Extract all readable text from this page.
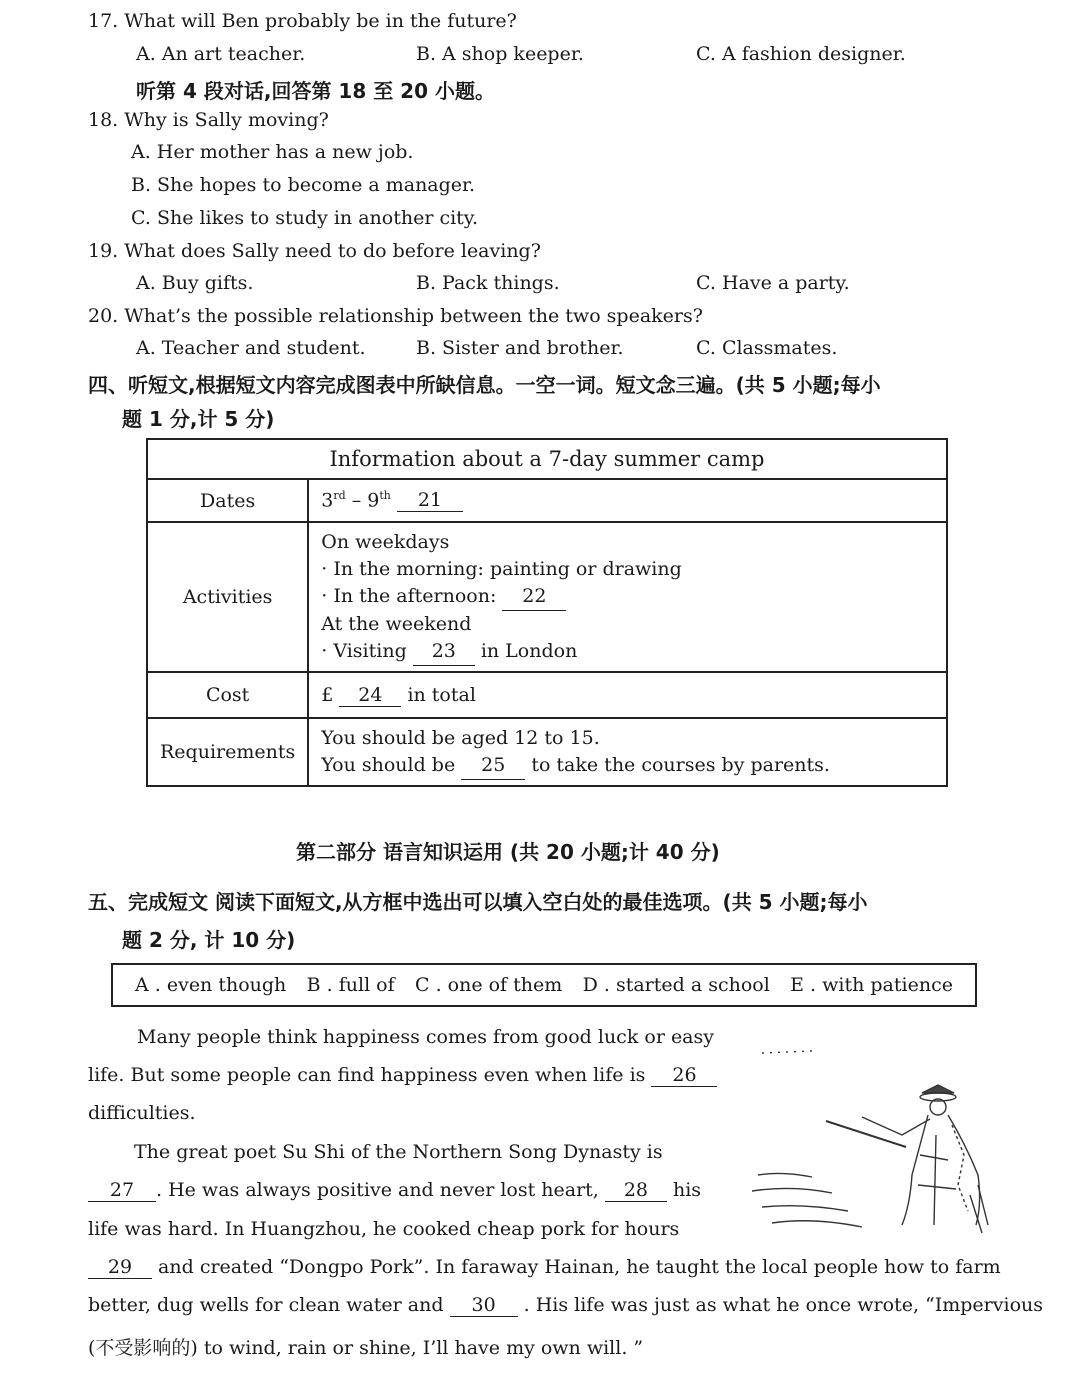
17. What will Ben probably be in the future?
A. An art teacher.	B. A shop keeper.	C. A fashion designer.
听第 4 段对话,回答第 18 至 20 小题。
18. Why is Sally moving?
A. Her mother has a new job.
B. She hopes to become a manager.
C. She likes to study in another city.
19. What does Sally need to do before leaving?
A. Buy gifts.	B. Pack things.	C. Have a party.
20. What’s the possible relationship between the two speakers?
A. Teacher and student.	B. Sister and brother.	C. Classmates.
四、听短文,根据短文内容完成图表中所缺信息。一空一词。短文念三遍。(共 5 小题;每小
题 1 分,计 5 分)
Information about a 7-day summer camp	
Dates	3rd – 9th 21
Activities	On weekdays
· In the morning: painting or drawing
· In the afternoon: 22
At the weekend
· Visiting 23 in London

Cost	£ 24 in total
Requirements	You should be aged 12 to 15.
You should be 25 to take the courses by parents.
第二部分 语言知识运用 (共 20 小题;计 40 分)
五、完成短文 阅读下面短文,从方框中选出可以填入空白处的最佳选项。(共 5 小题;每小
题 2 分, 计 10 分)
A . even though B . full of C . one of them D . started a school E . with patience
Many people think happiness comes from good luck or easy
life. But some people can find happiness even when life is 26
difficulties.
The great poet Su Shi of the Northern Song Dynasty is
27 . He was always positive and never lost heart, 28 his
life was hard. In Huangzhou, he cooked cheap pork for hours
29 and created “Dongpo Pork”. In faraway Hainan, he taught the local people how to farm
better, dug wells for clean water and 30 . His life was just as what he once wrote, “Impervious
(不受影响的) to wind, rain or shine, I’ll have my own will. ”
